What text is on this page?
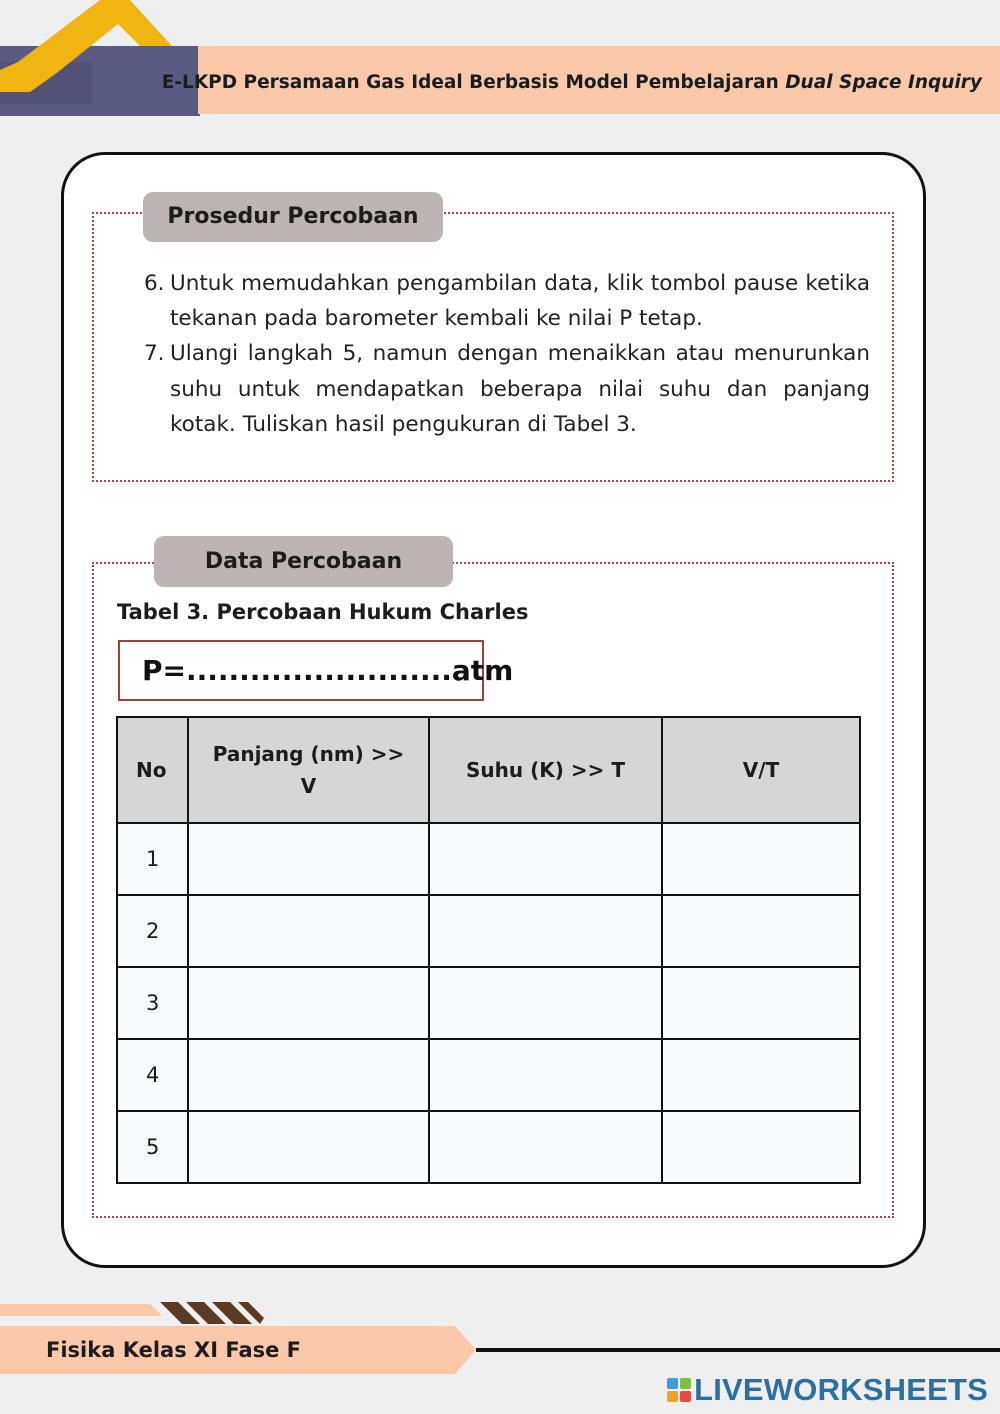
E-LKPD Persamaan Gas Ideal Berbasis Model Pembelajaran Dual Space Inquiry
Prosedur Percobaan
6. Untuk memudahkan pengambilan data, klik tombol pause ketika tekanan pada barometer kembali ke nilai P tetap.
7. Ulangi langkah 5, namun dengan menaikkan atau menurunkan suhu untuk mendapatkan beberapa nilai suhu dan panjang kotak. Tuliskan hasil pengukuran di Tabel 3.
Data Percobaan
Tabel 3. Percobaan Hukum Charles
P=.........................atm
No	Panjang (nm) >> V	Suhu (K) >> T	V/T
1			
2			
3			
4			
5			
Fisika Kelas XI Fase F
LIVEWORKSHEETS
